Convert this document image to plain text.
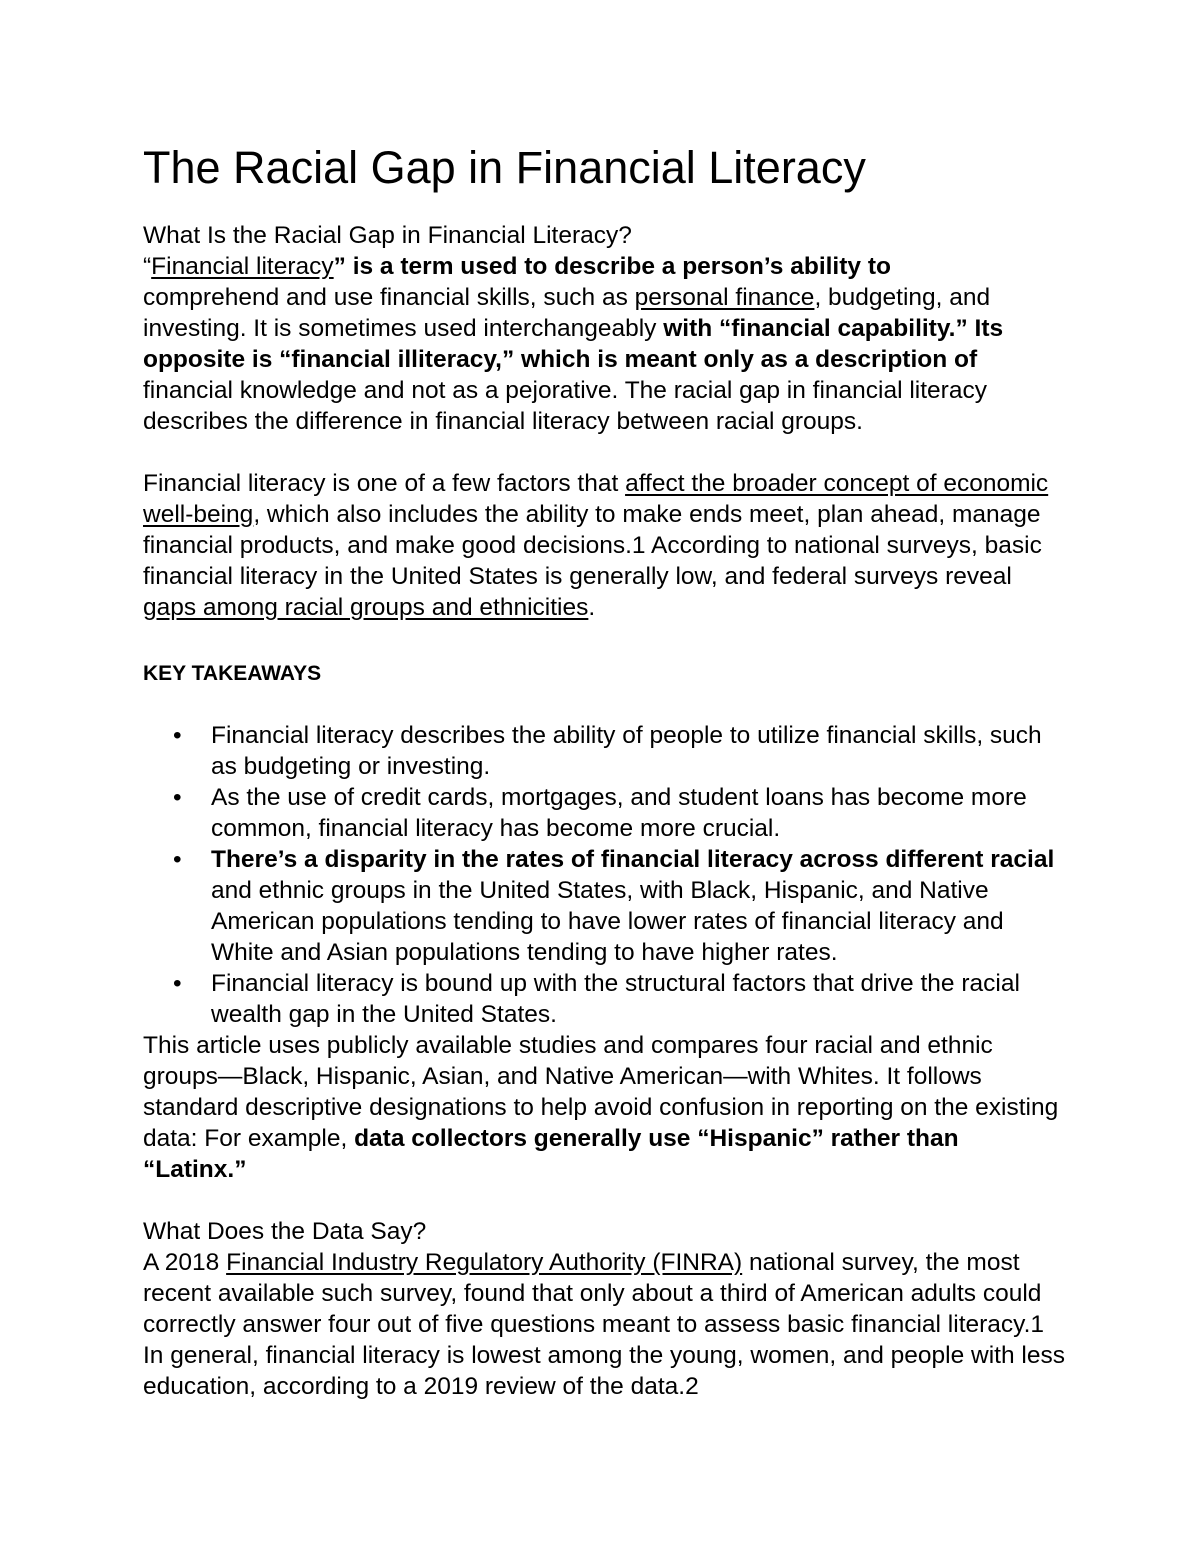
The Racial Gap in Financial Literacy

What Is the Racial Gap in Financial Literacy?

“Financial literacy” is a term used to describe a person’s ability to
comprehend and use financial skills, such as personal finance, budgeting, and investing. It is sometimes used interchangeably with “financial capability.” Its opposite is “financial illiteracy,” which is meant only as a description of financial knowledge and not as a pejorative. The racial gap in financial literacy describes the difference in financial literacy between racial groups.

Financial literacy is one of a few factors that affect the broader concept of economic well-being, which also includes the ability to make ends meet, plan ahead, manage financial products, and make good decisions.1 According to national surveys, basic financial literacy in the United States is generally low, and federal surveys reveal gaps among racial groups and ethnicities.

KEY TAKEAWAYS

• Financial literacy describes the ability of people to utilize financial skills, such as budgeting or investing.
• As the use of credit cards, mortgages, and student loans has become more common, financial literacy has become more crucial.
• There’s a disparity in the rates of financial literacy across different racial and ethnic groups in the United States, with Black, Hispanic, and Native American populations tending to have lower rates of financial literacy and White and Asian populations tending to have higher rates.
• Financial literacy is bound up with the structural factors that drive the racial wealth gap in the United States.

This article uses publicly available studies and compares four racial and ethnic groups—Black, Hispanic, Asian, and Native American—with Whites. It follows standard descriptive designations to help avoid confusion in reporting on the existing data: For example, data collectors generally use “Hispanic” rather than “Latinx.”

What Does the Data Say?

A 2018 Financial Industry Regulatory Authority (FINRA) national survey, the most recent available such survey, found that only about a third of American adults could correctly answer four out of five questions meant to assess basic financial literacy.1 In general, financial literacy is lowest among the young, women, and people with less education, according to a 2019 review of the data.2
